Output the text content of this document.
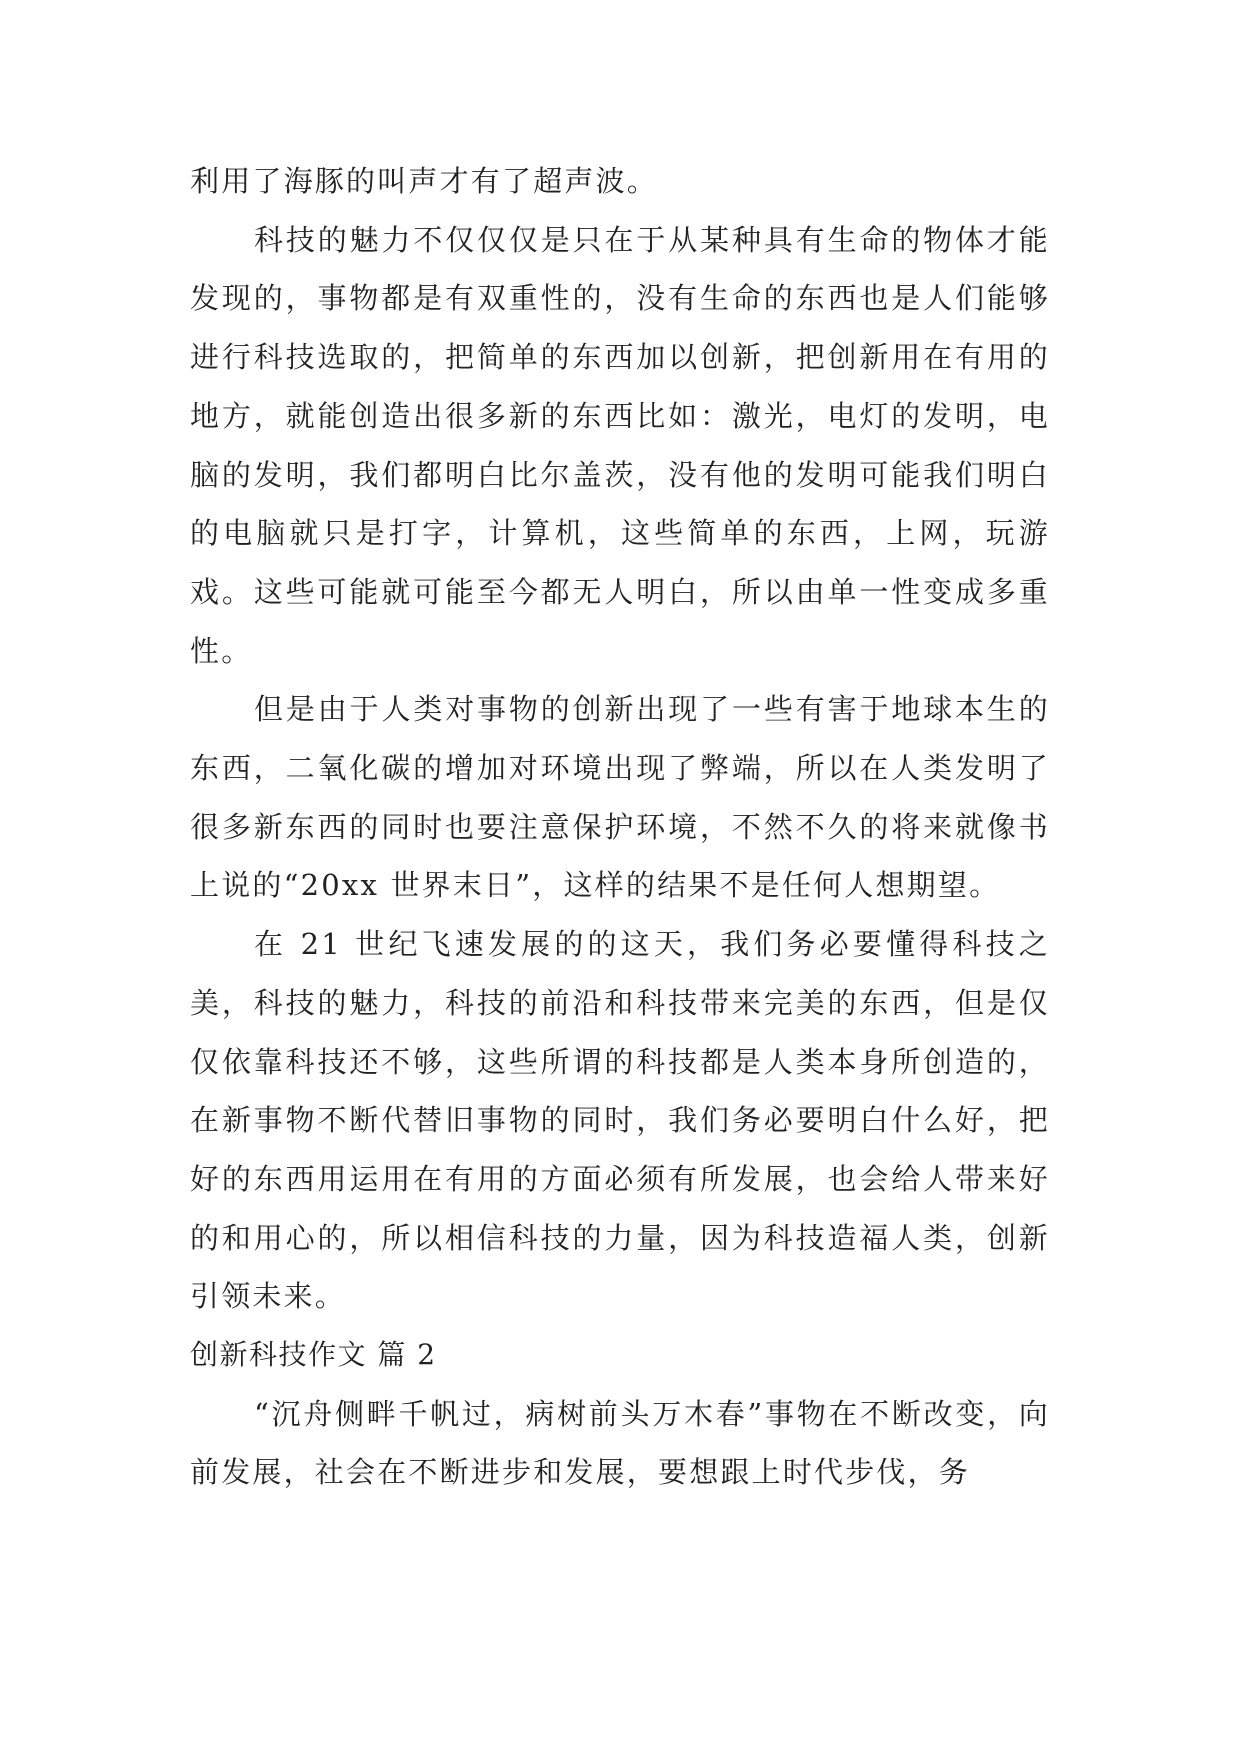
利用了海豚的叫声才有了超声波。

科技的魅力不仅仅仅是只在于从某种具有生命的物体才能发现的，事物都是有双重性的，没有生命的东西也是人们能够进行科技选取的，把简单的东西加以创新，把创新用在有用的地方，就能创造出很多新的东西比如：激光，电灯的发明，电脑的发明，我们都明白比尔盖茨，没有他的发明可能我们明白的电脑就只是打字，计算机，这些简单的东西，上网，玩游戏。这些可能就可能至今都无人明白，所以由单一性变成多重性。

但是由于人类对事物的创新出现了一些有害于地球本生的东西，二氧化碳的增加对环境出现了弊端，所以在人类发明了很多新东西的同时也要注意保护环境，不然不久的将来就像书上说的“20xx 世界末日”，这样的结果不是任何人想期望。

在 21 世纪飞速发展的的这天，我们务必要懂得科技之美，科技的魅力，科技的前沿和科技带来完美的东西，但是仅仅依靠科技还不够，这些所谓的科技都是人类本身所创造的，在新事物不断代替旧事物的同时，我们务必要明白什么好，把好的东西用运用在有用的方面必须有所发展，也会给人带来好的和用心的，所以相信科技的力量，因为科技造福人类，创新引领未来。

创新科技作文 篇 2

“沉舟侧畔千帆过，病树前头万木春”事物在不断改变，向前发展，社会在不断进步和发展，要想跟上时代步伐，务
